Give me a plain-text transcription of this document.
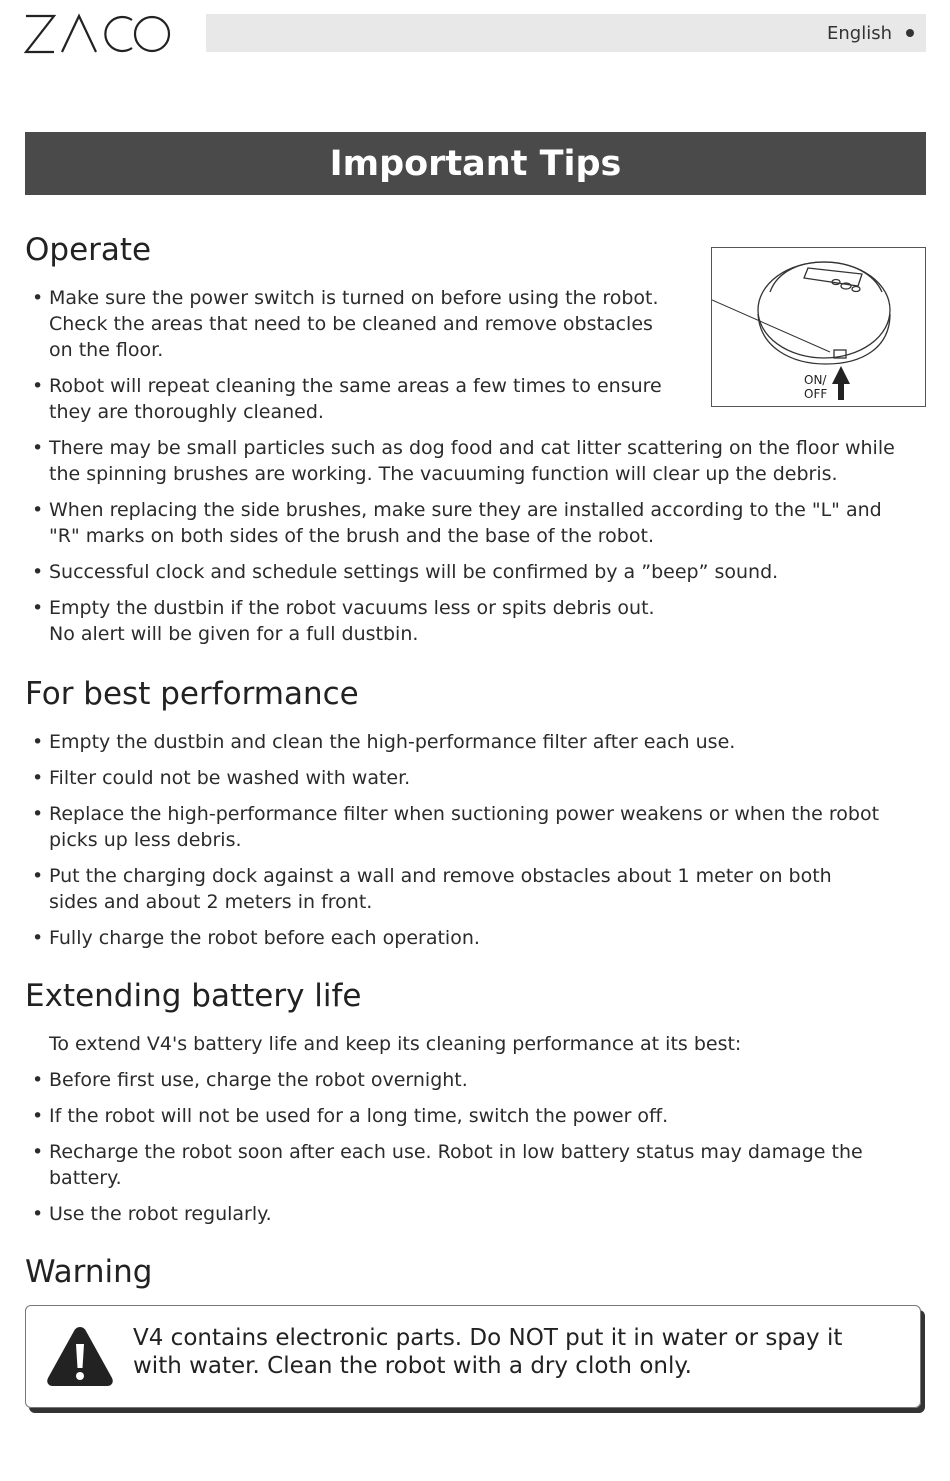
English
Important Tips
Operate
ON/
OFF
• Make sure the power switch is turned on before using the robot.
Check the areas that need to be cleaned and remove obstacles
on the floor.
• Robot will repeat cleaning the same areas a few times to ensure
they are thoroughly cleaned.
• There may be small particles such as dog food and cat litter scattering on the floor while
the spinning brushes are working. The vacuuming function will clear up the debris.
• When replacing the side brushes, make sure they are installed according to the "L" and
"R" marks on both sides of the brush and the base of the robot.
• Successful clock and schedule settings will be confirmed by a ”beep” sound.
• Empty the dustbin if the robot vacuums less or spits debris out.
No alert will be given for a full dustbin.
For best performance
• Empty the dustbin and clean the high-performance filter after each use.
• Filter could not be washed with water.
• Replace the high-performance filter when suctioning power weakens or when the robot
picks up less debris.
• Put the charging dock against a wall and remove obstacles about 1 meter on both
sides and about 2 meters in front.
• Fully charge the robot before each operation.
Extending battery life
To extend V4's battery life and keep its cleaning performance at its best:
• Before first use, charge the robot overnight.
• If the robot will not be used for a long time, switch the power off.
• Recharge the robot soon after each use. Robot in low battery status may damage the
battery.
• Use the robot regularly.
Warning
V4 contains electronic parts. Do NOT put it in water or spay it
with water. Clean the robot with a dry cloth only.
